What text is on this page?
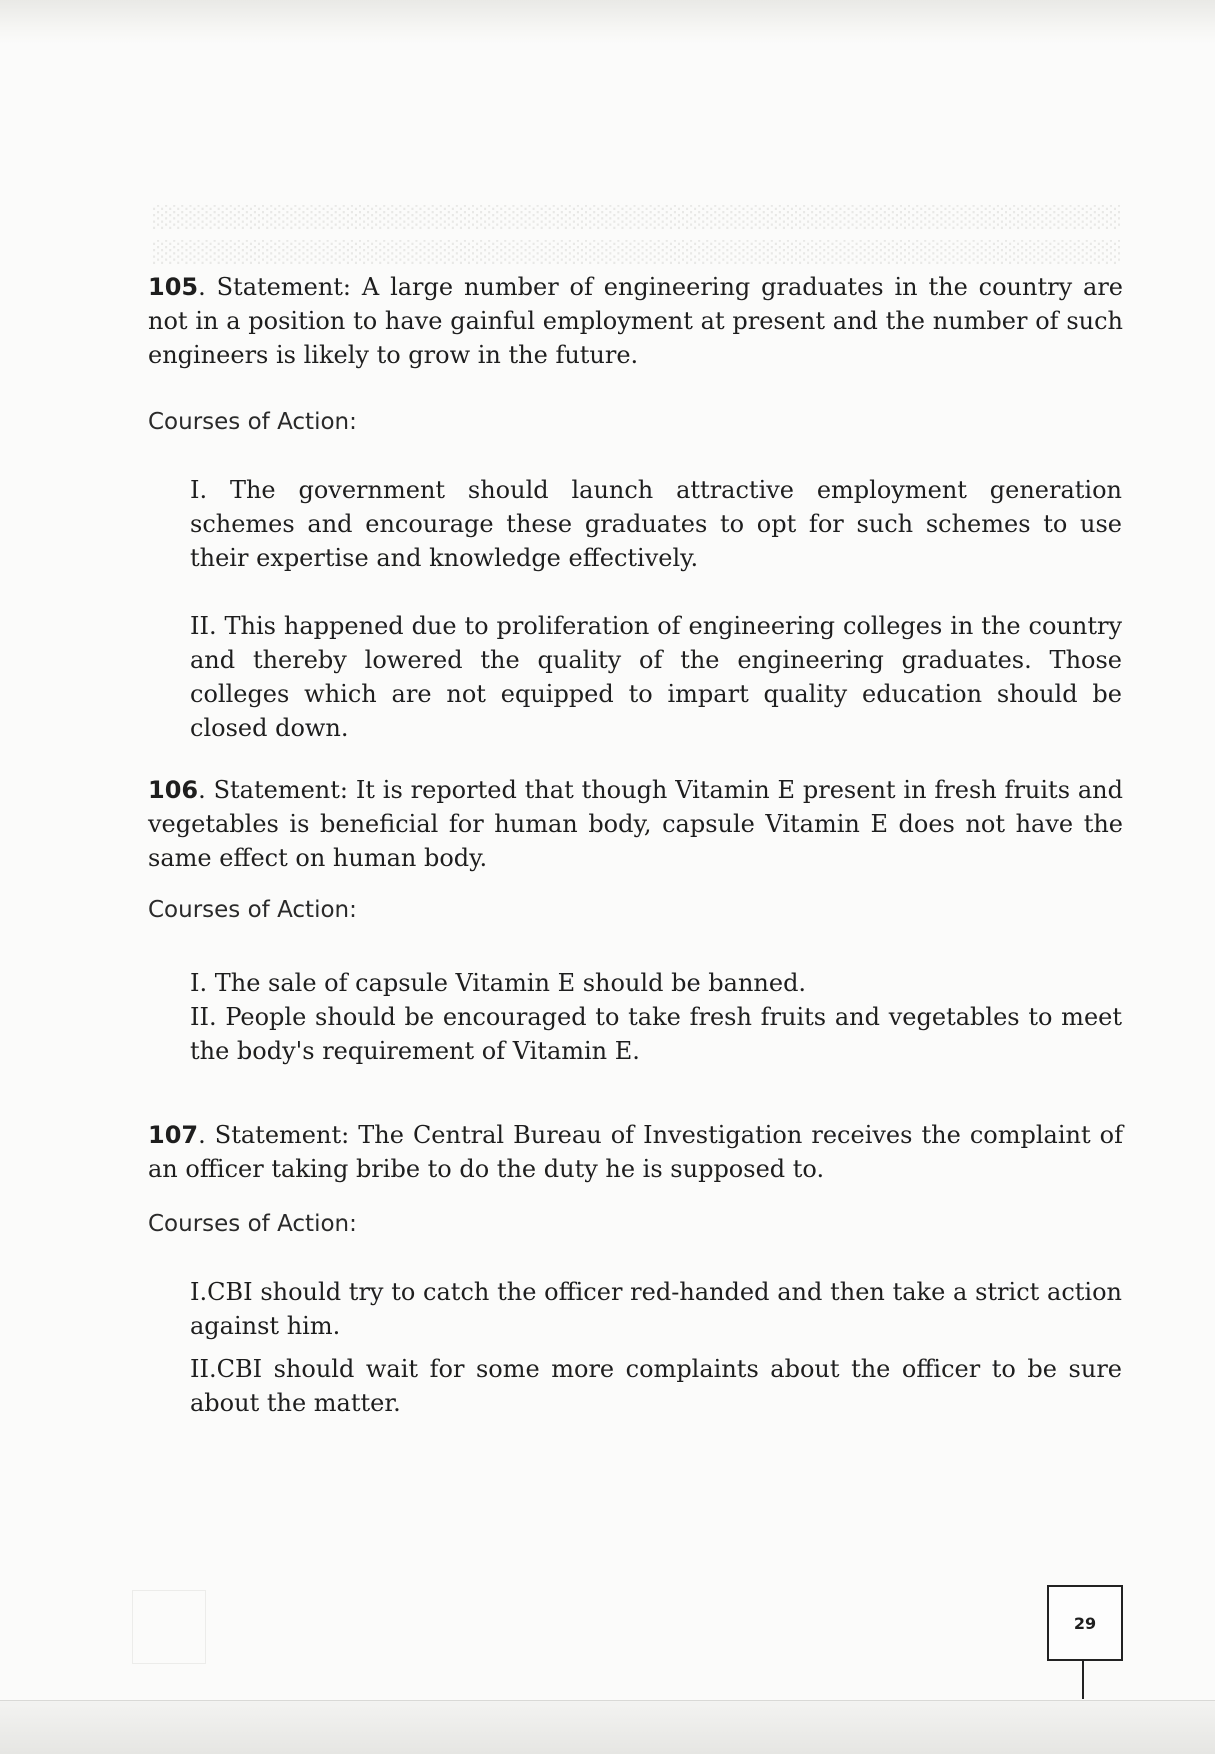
░░░░░░░░░░░░░░░░░░░░░░░░░░░░░░░░░░░░░░░░░░░░░░░░░░░░░░░░░░░░
░░░░░░░░░░░░░░░░░░░░░░░░░░░░░░░░░░░░░░░░░░░░░░░░░░░░░░░░░░░░
105. Statement: A large number of engineering graduates in the country are not in a position to have gainful employment at present and the number of such engineers is likely to grow in the future.
Courses of Action:
I. The government should launch attractive employment generation schemes and encourage these graduates to opt for such schemes to use their expertise and knowledge effectively.
II. This happened due to proliferation of engineering colleges in the country and thereby lowered the quality of the engineering graduates. Those colleges which are not equipped to impart quality education should be closed down.
106. Statement: It is reported that though Vitamin E present in fresh fruits and vegetables is beneficial for human body, capsule Vitamin E does not have the same effect on human body.
Courses of Action:
I. The sale of capsule Vitamin E should be banned.
II. People should be encouraged to take fresh fruits and vegetables to meet the body's requirement of Vitamin E.
107. Statement: The Central Bureau of Investigation receives the complaint of an officer taking bribe to do the duty he is supposed to.
Courses of Action:
I.CBI should try to catch the officer red-handed and then take a strict action against him.
II.CBI should wait for some more complaints about the officer to be sure about the matter.
29
